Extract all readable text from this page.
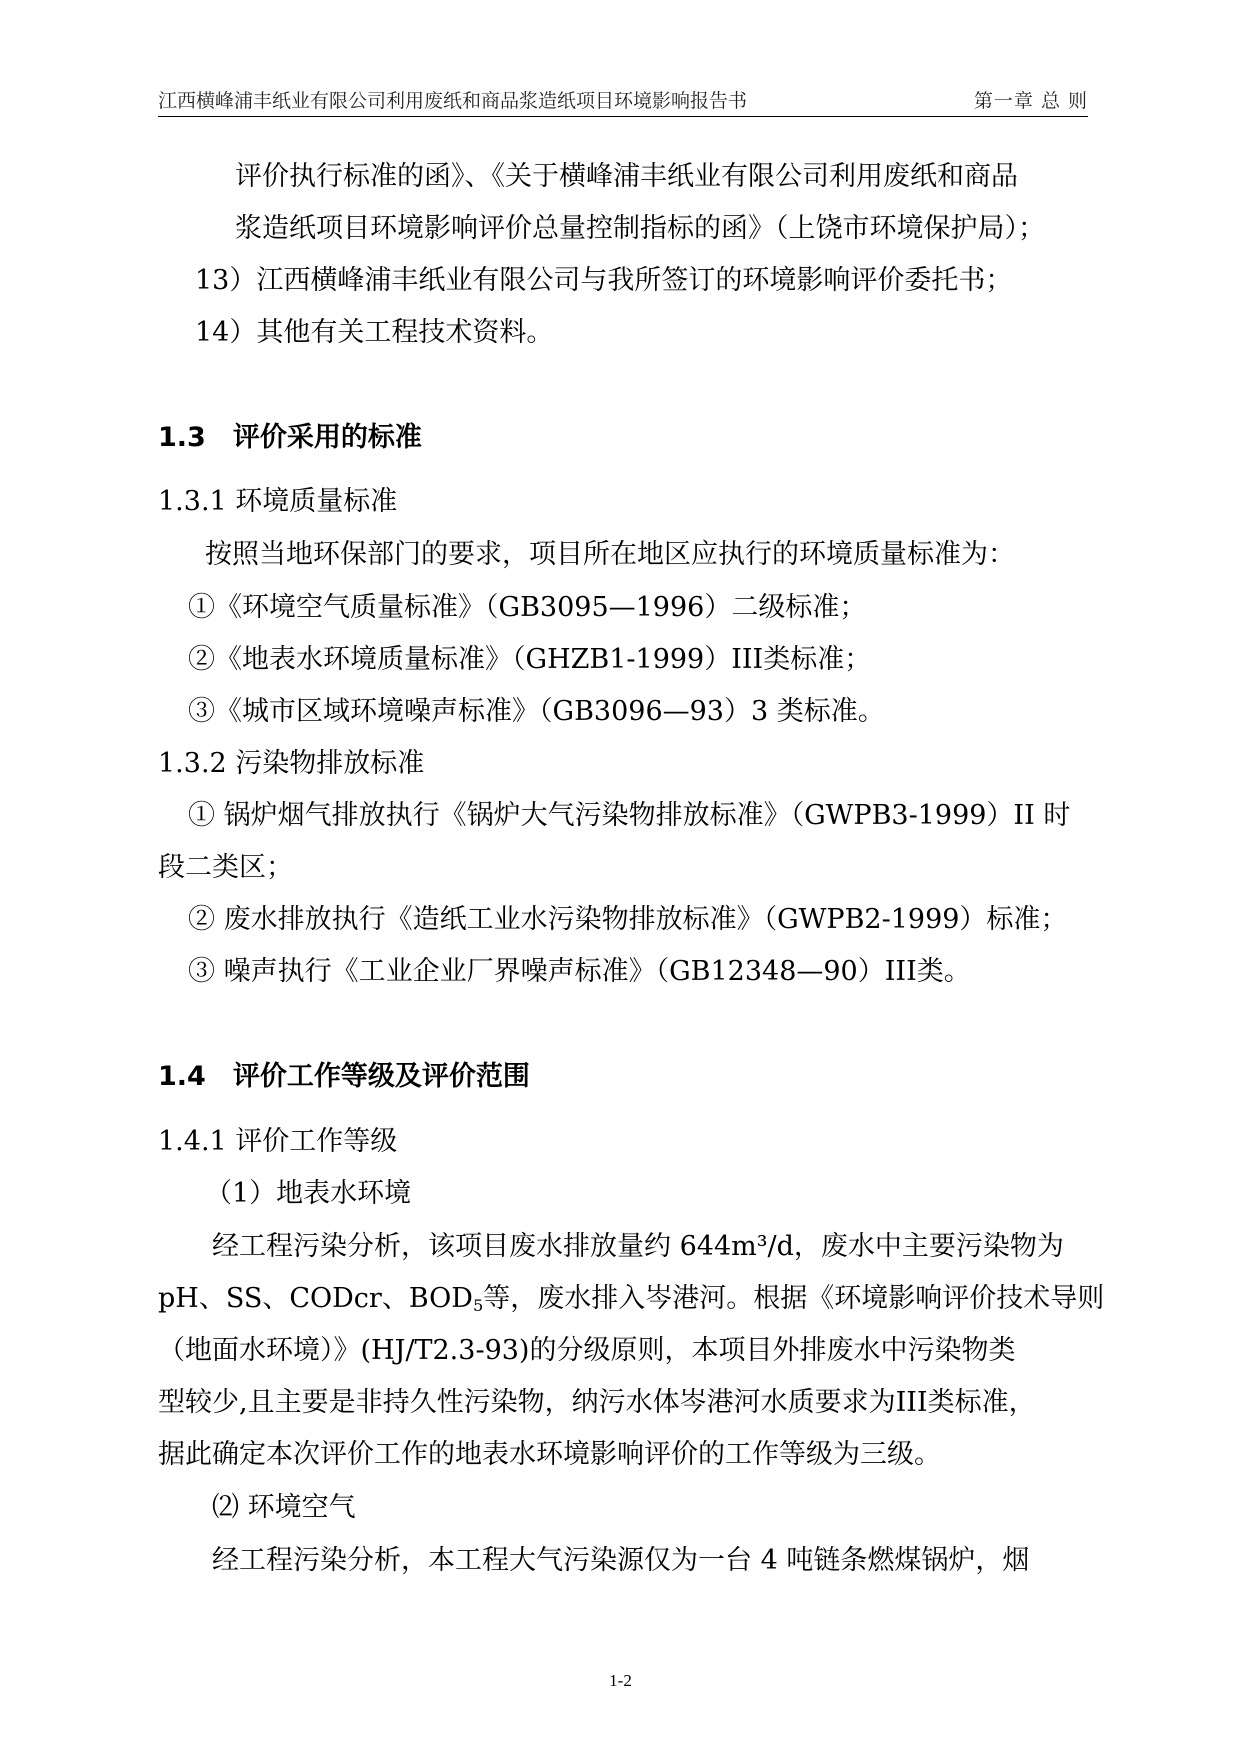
江西横峰浦丰纸业有限公司利用废纸和商品浆造纸项目环境影响报告书	第一章 总 则
评价执行标准的函》、《关于横峰浦丰纸业有限公司利用废纸和商品
浆造纸项目环境影响评价总量控制指标的函》（上饶市环境保护局）；
13）江西横峰浦丰纸业有限公司与我所签订的环境影响评价委托书；
14）其他有关工程技术资料。
1.3　评价采用的标准
1.3.1 环境质量标准
按照当地环保部门的要求，项目所在地区应执行的环境质量标准为：
①《环境空气质量标准》（GB3095—1996）二级标准；
②《地表水环境质量标准》（GHZB1-1999）III类标准；
③《城市区域环境噪声标准》（GB3096—93）3 类标准。
1.3.2 污染物排放标准
① 锅炉烟气排放执行《锅炉大气污染物排放标准》（GWPB3-1999）II 时
段二类区；
② 废水排放执行《造纸工业水污染物排放标准》（GWPB2-1999）标准；
③ 噪声执行《工业企业厂界噪声标准》（GB12348—90）III类。
1.4　评价工作等级及评价范围
1.4.1 评价工作等级
（1）地表水环境
经工程污染分析，该项目废水排放量约 644m³/d，废水中主要污染物为
pH、SS、CODcr、$BOD_5$等，废水排入岑港河。根据《环境影响评价技术导则
（地面水环境）》(HJ/T2.3-93)的分级原则，本项目外排废水中污染物类
型较少,且主要是非持久性污染物，纳污水体岑港河水质要求为III类标准，
据此确定本次评价工作的地表水环境影响评价的工作等级为三级。
⑵ 环境空气
经工程污染分析，本工程大气污染源仅为一台 4 吨链条燃煤锅炉，烟
1-2
